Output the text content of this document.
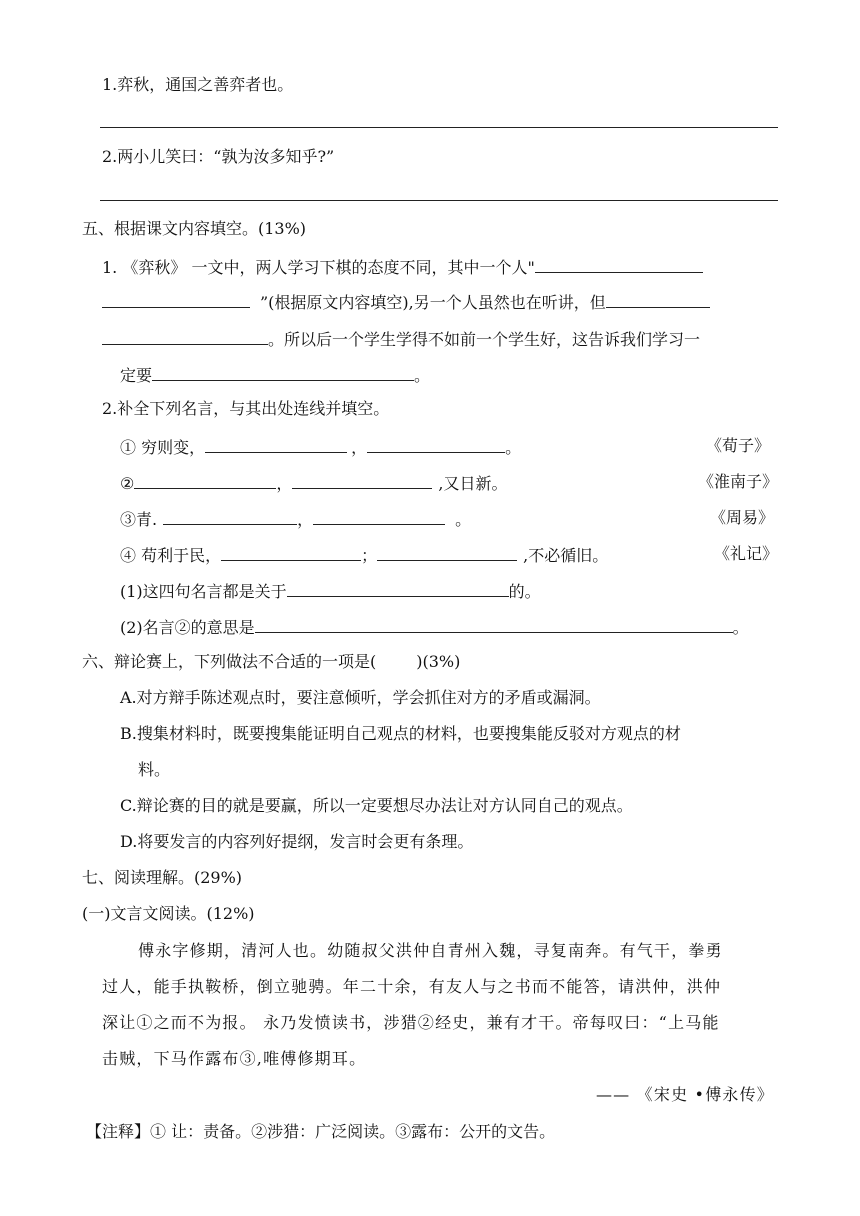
1.弈秋，通国之善弈者也。
2.两小儿笑曰：“孰为汝多知乎?”
五、根据课文内容填空。(13%)
1. 《弈秋》 一文中，两人学习下棋的态度不同，其中一个人"
”(根据原文内容填空),另一个人虽然也在听讲，但
。所以后一个学生学得不如前一个学生好，这告诉我们学习一
定要	。
2.补全下列名言，与其出处连线并填空。
① 穷则变，	，	。	《荀子》
②	，	,又日新。	《淮南子》
③青.	，	。	《周易》
④ 苟利于民，	；	,不必循旧。	《礼记》
(1)这四句名言都是关于	的。
(2)名言②的意思是	。
六、辩论赛上，下列做法不合适的一项是(	)(3%)
A.对方辩手陈述观点时，要注意倾听，学会抓住对方的矛盾或漏洞。
B.搜集材料时，既要搜集能证明自己观点的材料，也要搜集能反驳对方观点的材
料。
C.辩论赛的目的就是要赢，所以一定要想尽办法让对方认同自己的观点。
D.将要发言的内容列好提纲，发言时会更有条理。
七、阅读理解。(29%)
(一)文言文阅读。(12%)
傅永字修期，清河人也。幼随叔父洪仲自青州入魏，寻复南奔。有气干，拳勇
过人，能手执鞍桥，倒立驰骋。年二十余，有友人与之书而不能答，请洪仲，洪仲
深让①之而不为报。 永乃发愤读书，涉猎②经史，兼有才干。帝每叹曰：“上马能
击贼，下马作露布③,唯傅修期耳。
—— 《宋史 •傅永传》
【注释】① 让：责备。②涉猎：广泛阅读。③露布：公开的文告。
